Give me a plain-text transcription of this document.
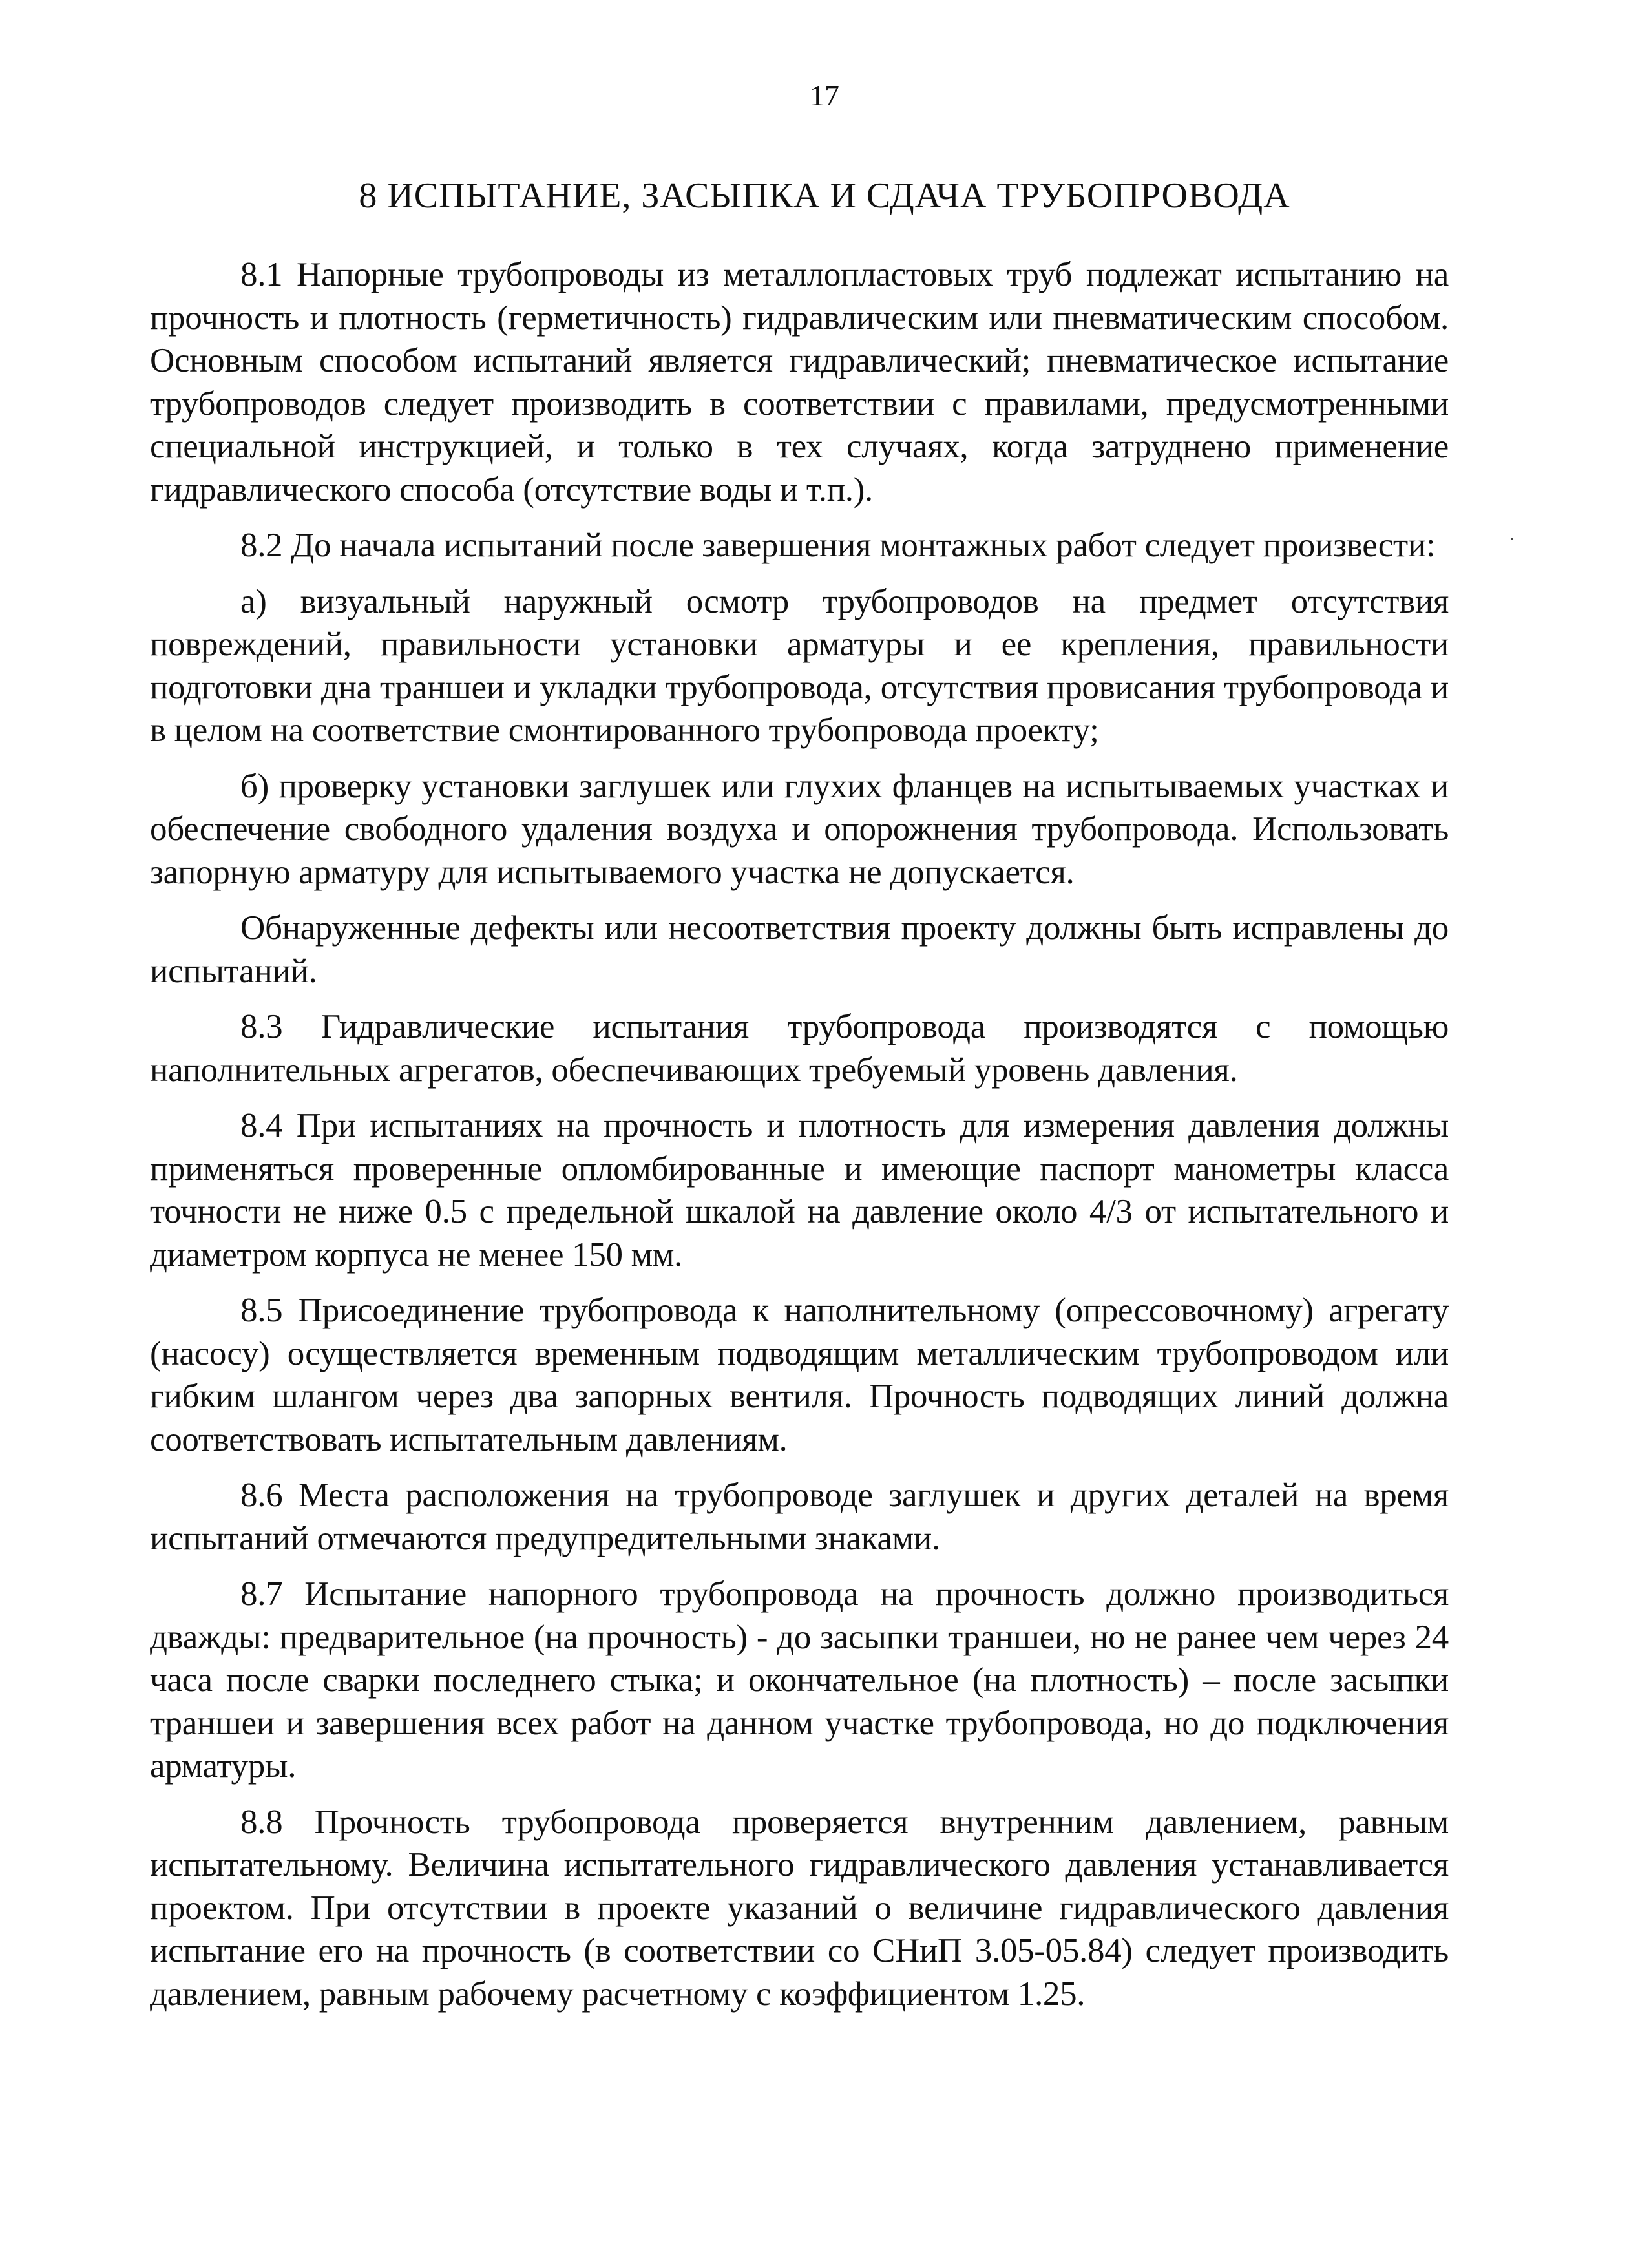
17
8 ИСПЫТАНИЕ, ЗАСЫПКА И СДАЧА ТРУБОПРОВОДА

8.1 Напорные трубопроводы из металлопластовых труб подлежат испытанию на прочность и плотность (герметичность) гидравлическим или пневматическим способом. Основным способом испытаний является гидравлический; пневматическое испытание трубопроводов следует производить в соответствии с правилами, предусмотренными специальной инструкцией, и только в тех случаях, когда затруднено применение гидравлического способа (отсутствие воды и т.п.).

8.2 До начала испытаний после завершения монтажных работ следует произвести:

а) визуальный наружный осмотр трубопроводов на предмет отсутствия повреждений, правильности установки арматуры и ее крепления, правильности подготовки дна траншеи и укладки трубопровода, отсутствия провисания трубопровода и в целом на соответствие смонтированного трубопровода проекту;

б) проверку установки заглушек или глухих фланцев на испытываемых участках и обеспечение свободного удаления воздуха и опорожнения трубопровода. Использовать запорную арматуру для испытываемого участка не допускается.

Обнаруженные дефекты или несоответствия проекту должны быть исправлены до испытаний.

8.3 Гидравлические испытания трубопровода производятся с помощью наполнительных агрегатов, обеспечивающих требуемый уровень давления.

8.4 При испытаниях на прочность и плотность для измерения давления должны применяться проверенные опломбированные и имеющие паспорт манометры класса точности не ниже 0.5 с предельной шкалой на давление около 4/3 от испытательного и диаметром корпуса не менее 150 мм.

8.5 Присоединение трубопровода к наполнительному (опрессовочному) агрегату (насосу) осуществляется временным подводящим металлическим трубопроводом или гибким шлангом через два запорных вентиля. Прочность подводящих линий должна соответствовать испытательным давлениям.

8.6 Места расположения на трубопроводе заглушек и других деталей на время испытаний отмечаются предупредительными знаками.

8.7 Испытание напорного трубопровода на прочность должно производиться дважды: предварительное (на прочность) - до засыпки траншеи, но не ранее чем через 24 часа после сварки последнего стыка; и окончательное (на плотность) – после засыпки траншеи и завершения всех работ на данном участке трубопровода, но до подключения арматуры.

8.8 Прочность трубопровода проверяется внутренним давлением, равным испытательному. Величина испытательного гидравлического давления устанавливается проектом. При отсутствии в проекте указаний о величине гидравлического давления испытание его на прочность (в соответствии со СНиП 3.05-05.84) следует производить давлением, равным рабочему расчетному с коэффициентом 1.25.
